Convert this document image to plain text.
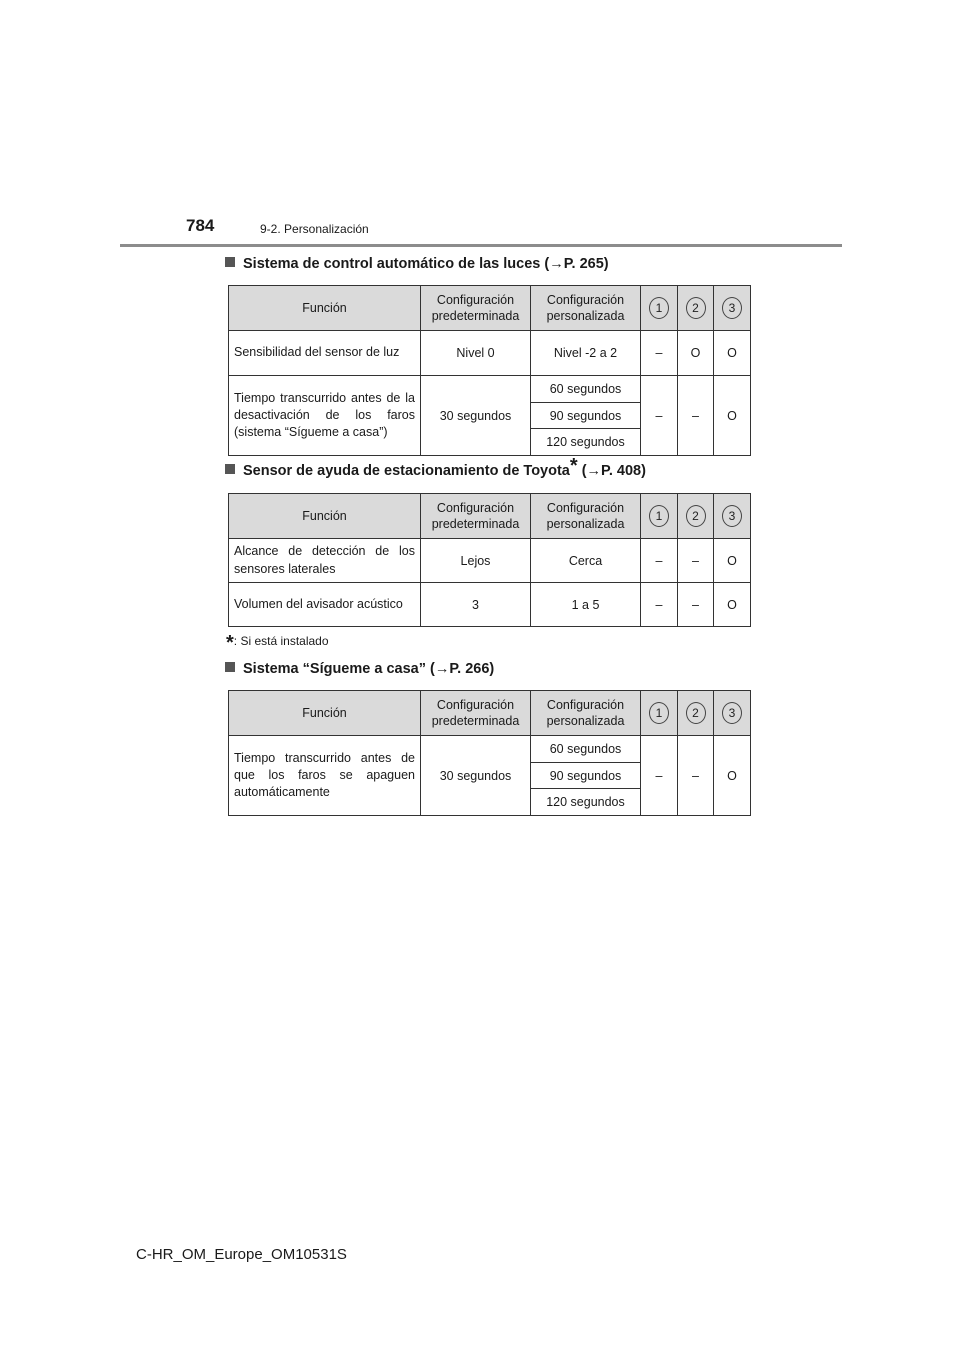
784	9-2. Personalización
Sistema de control automático de las luces (→P. 265)
Función	Configuración predeterminada	Configuración personalizada	1	2	3
Sensibilidad del sensor de luz	Nivel 0	Nivel -2 a 2	–	O	O
Tiempo transcurrido antes de la desactivación de los faros (sistema “Sígueme a casa”)	30 segundos	60 segundos	–	–	O
		90 segundos			
		120 segundos			
Sensor de ayuda de estacionamiento de Toyota* (→P. 408)
Función	Configuración predeterminada	Configuración personalizada	1	2	3
Alcance de detección de los sensores laterales	Lejos	Cerca	–	–	O
Volumen del avisador acústico	3	1 a 5	–	–	O
*: Si está instalado
Sistema “Sígueme a casa” (→P. 266)
Función	Configuración predeterminada	Configuración personalizada	1	2	3
Tiempo transcurrido antes de que los faros se apaguen automáticamente	30 segundos	60 segundos	–	–	O
		90 segundos			
		120 segundos			
C-HR_OM_Europe_OM10531S
